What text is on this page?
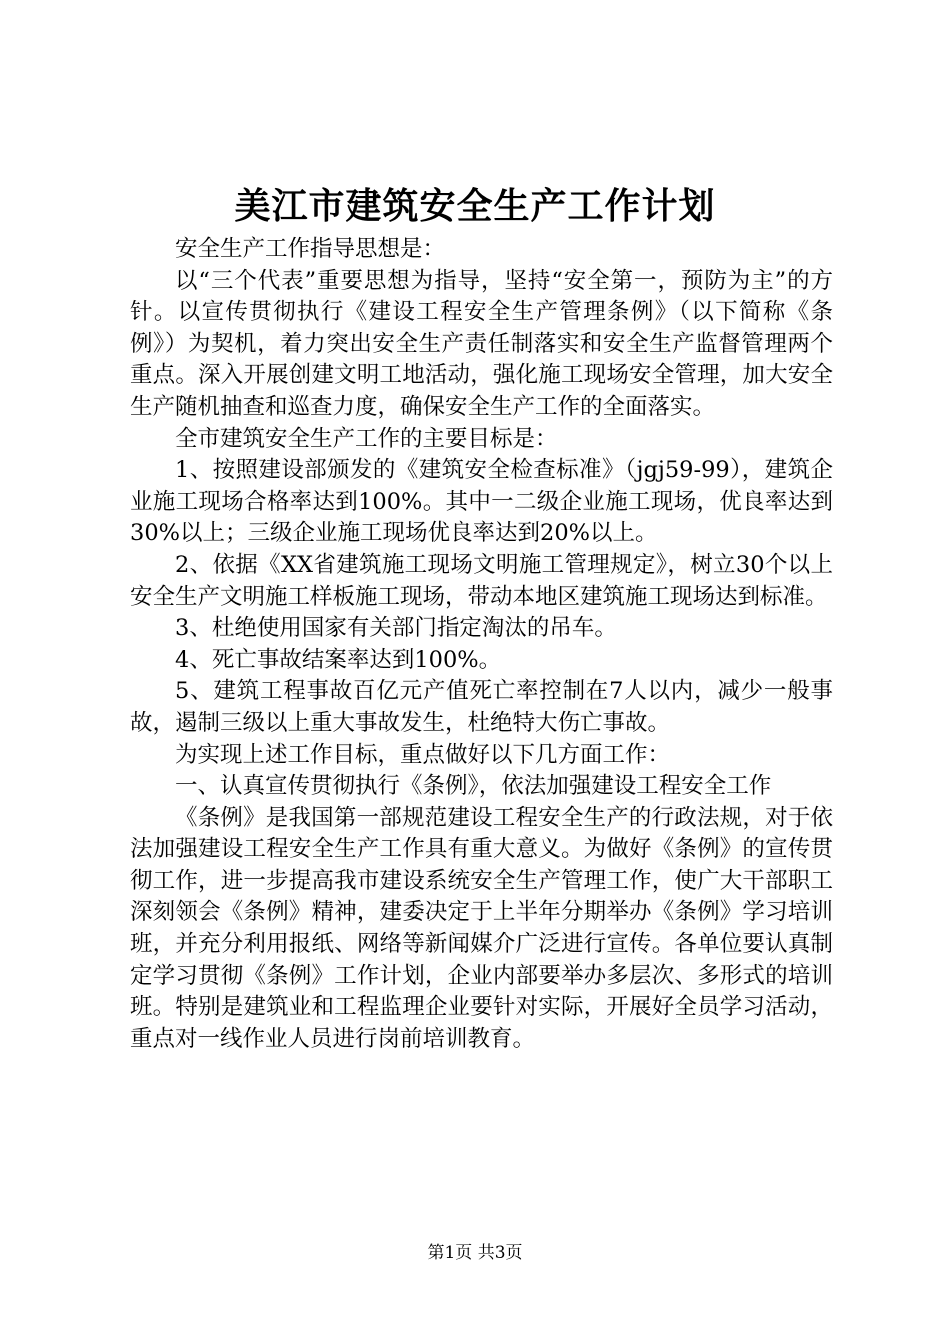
美江市建筑安全生产工作计划

安全生产工作指导思想是：

以“三个代表”重要思想为指导，坚持“安全第一，预防为主”的方针。以宣传贯彻执行《建设工程安全生产管理条例》（以下简称《条例》）为契机，着力突出安全生产责任制落实和安全生产监督管理两个重点。深入开展创建文明工地活动，强化施工现场安全管理，加大安全生产随机抽查和巡查力度，确保安全生产工作的全面落实。

全市建筑安全生产工作的主要目标是：

1、按照建设部颁发的《建筑安全检查标准》（jgj59-99），建筑企业施工现场合格率达到100%。其中一二级企业施工现场，优良率达到30%以上；三级企业施工现场优良率达到20%以上。

2、依据《XX省建筑施工现场文明施工管理规定》，树立30个以上安全生产文明施工样板施工现场，带动本地区建筑施工现场达到标准。

3、杜绝使用国家有关部门指定淘汰的吊车。

4、死亡事故结案率达到100%。

5、建筑工程事故百亿元产值死亡率控制在7人以内，减少一般事故，遏制三级以上重大事故发生，杜绝特大伤亡事故。

为实现上述工作目标，重点做好以下几方面工作：

一、认真宣传贯彻执行《条例》，依法加强建设工程安全工作

《条例》是我国第一部规范建设工程安全生产的行政法规，对于依法加强建设工程安全生产工作具有重大意义。为做好《条例》的宣传贯彻工作，进一步提高我市建设系统安全生产管理工作，使广大干部职工深刻领会《条例》精神，建委决定于上半年分期举办《条例》学习培训班，并充分利用报纸、网络等新闻媒介广泛进行宣传。各单位要认真制定学习贯彻《条例》工作计划，企业内部要举办多层次、多形式的培训班。特别是建筑业和工程监理企业要针对实际，开展好全员学习活动，重点对一线作业人员进行岗前培训教育。

第1页 共3页
